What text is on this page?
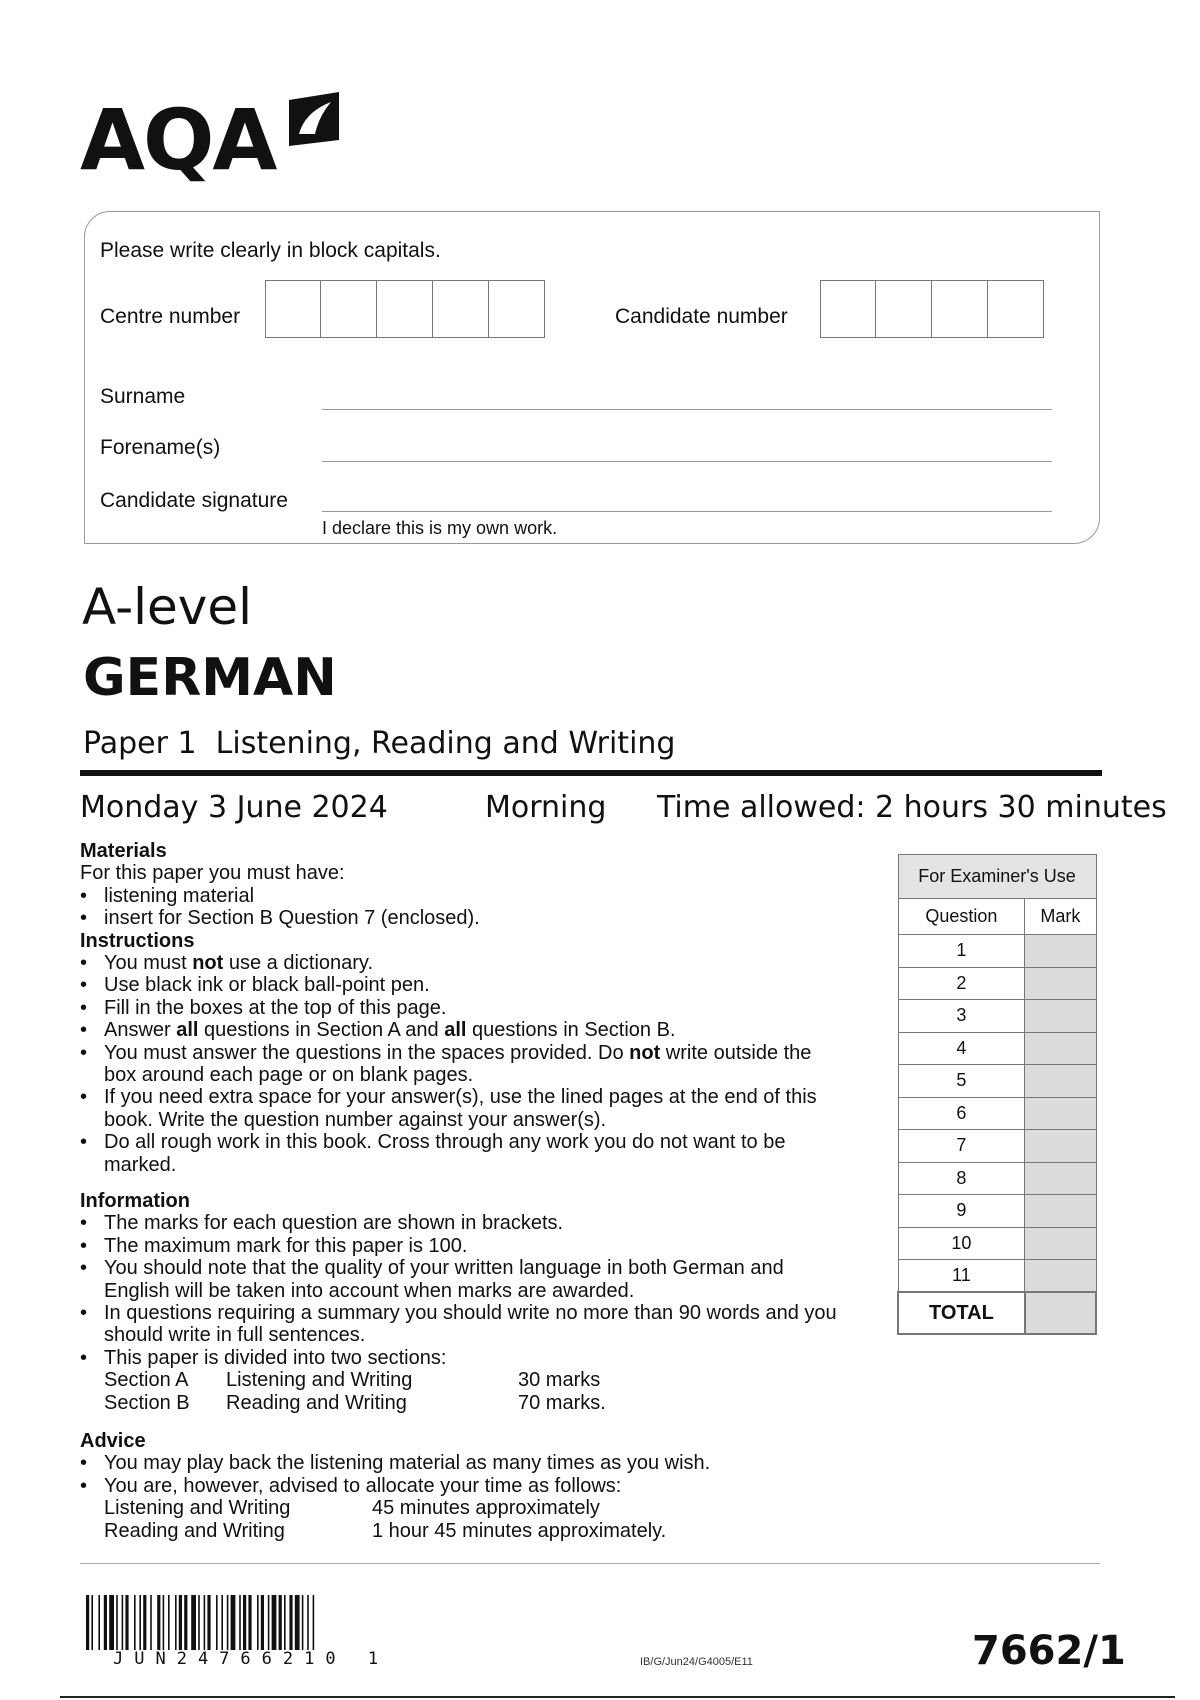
AQA
Please write clearly in block capitals.
Centre number	Candidate number
Surname
Forename(s)
Candidate signature
I declare this is my own work.
A-level
GERMAN
Paper 1  Listening, Reading and Writing
Monday 3 June 2024	Morning Time allowed: 2 hours 30 minutes
Materials
For this paper you must have:
• listening material
• insert for Section B Question 7 (enclosed).
Instructions
• You must not use a dictionary.
• Use black ink or black ball-point pen.
• Fill in the boxes at the top of this page.
• Answer all questions in Section A and all questions in Section B.
• You must answer the questions in the spaces provided. Do not write outside the box around each page or on blank pages.
• If you need extra space for your answer(s), use the lined pages at the end of this book. Write the question number against your answer(s).
• Do all rough work in this book. Cross through any work you do not want to be marked.
Information
• The marks for each question are shown in brackets.
• The maximum mark for this paper is 100.
• You should note that the quality of your written language in both German and English will be taken into account when marks are awarded.
• In questions requiring a summary you should write no more than 90 words and you should write in full sentences.
• This paper is divided into two sections:
Section A	Listening and Writing	30 marks
Section B	Reading and Writing	70 marks.
Advice
• You may play back the listening material as many times as you wish.
• You are, however, advised to allocate your time as follows:
Listening and Writing	45 minutes approximately
Reading and Writing	1 hour 45 minutes approximately.
For Examiner's Use	
Question	Mark
1	
2	
3	
4	
5	
6	
7	
8	
9	
10	
11	
TOTAL	
JUN24766210 1	IB/G/Jun24/G4005/E11	7662/1
